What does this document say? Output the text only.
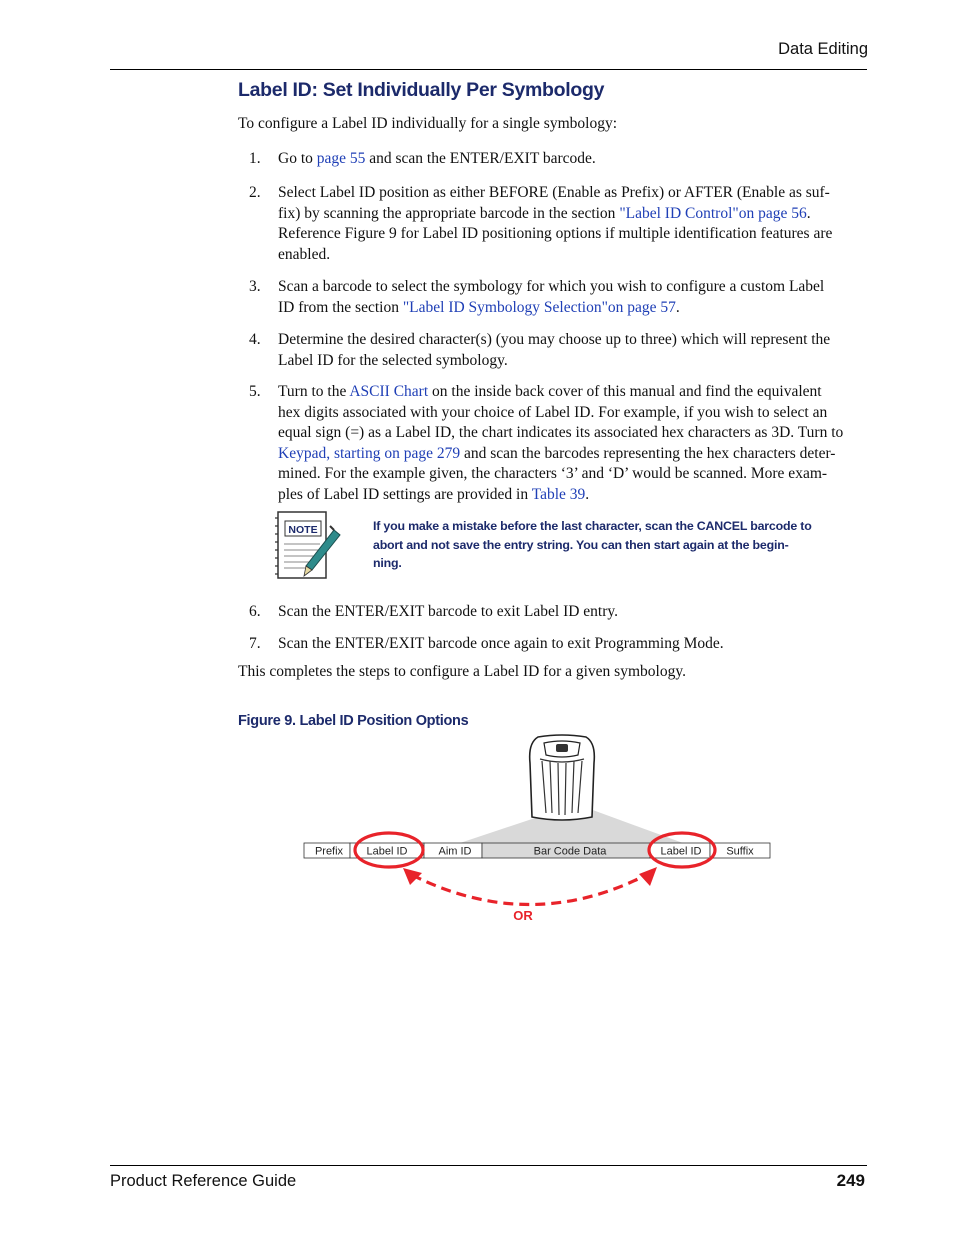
Data Editing
Label ID: Set Individually Per Symbology
To configure a Label ID individually for a single symbology:
1. Go to page 55 and scan the ENTER/EXIT barcode.
2. Select Label ID position as either BEFORE (Enable as Prefix) or AFTER (Enable as suf-
fix) by scanning the appropriate barcode in the section "Label ID Control"on page 56.
Reference Figure 9 for Label ID positioning options if multiple identification features are
enabled.
3. Scan a barcode to select the symbology for which you wish to configure a custom Label
ID from the section "Label ID Symbology Selection"on page 57.
4. Determine the desired character(s) (you may choose up to three) which will represent the
Label ID for the selected symbology.
5. Turn to the ASCII Chart on the inside back cover of this manual and find the equivalent
hex digits associated with your choice of Label ID. For example, if you wish to select an
equal sign (=) as a Label ID, the chart indicates its associated hex characters as 3D. Turn to
Keypad, starting on page 279 and scan the barcodes representing the hex characters deter-
mined. For the example given, the characters ‘3’ and ‘D’ would be scanned. More exam-
ples of Label ID settings are provided in Table 39.
NOTE	If you make a mistake before the last character, scan the CANCEL barcode to
abort and not save the entry string. You can then start again at the begin-
ning.
6. Scan the ENTER/EXIT barcode to exit Label ID entry.
7. Scan the ENTER/EXIT barcode once again to exit Programming Mode.
This completes the steps to configure a Label ID for a given symbology.
Figure 9. Label ID Position Options
Prefix Label ID	Aim ID	Bar Code Data	Label ID Suffix
OR
Product Reference Guide	249
